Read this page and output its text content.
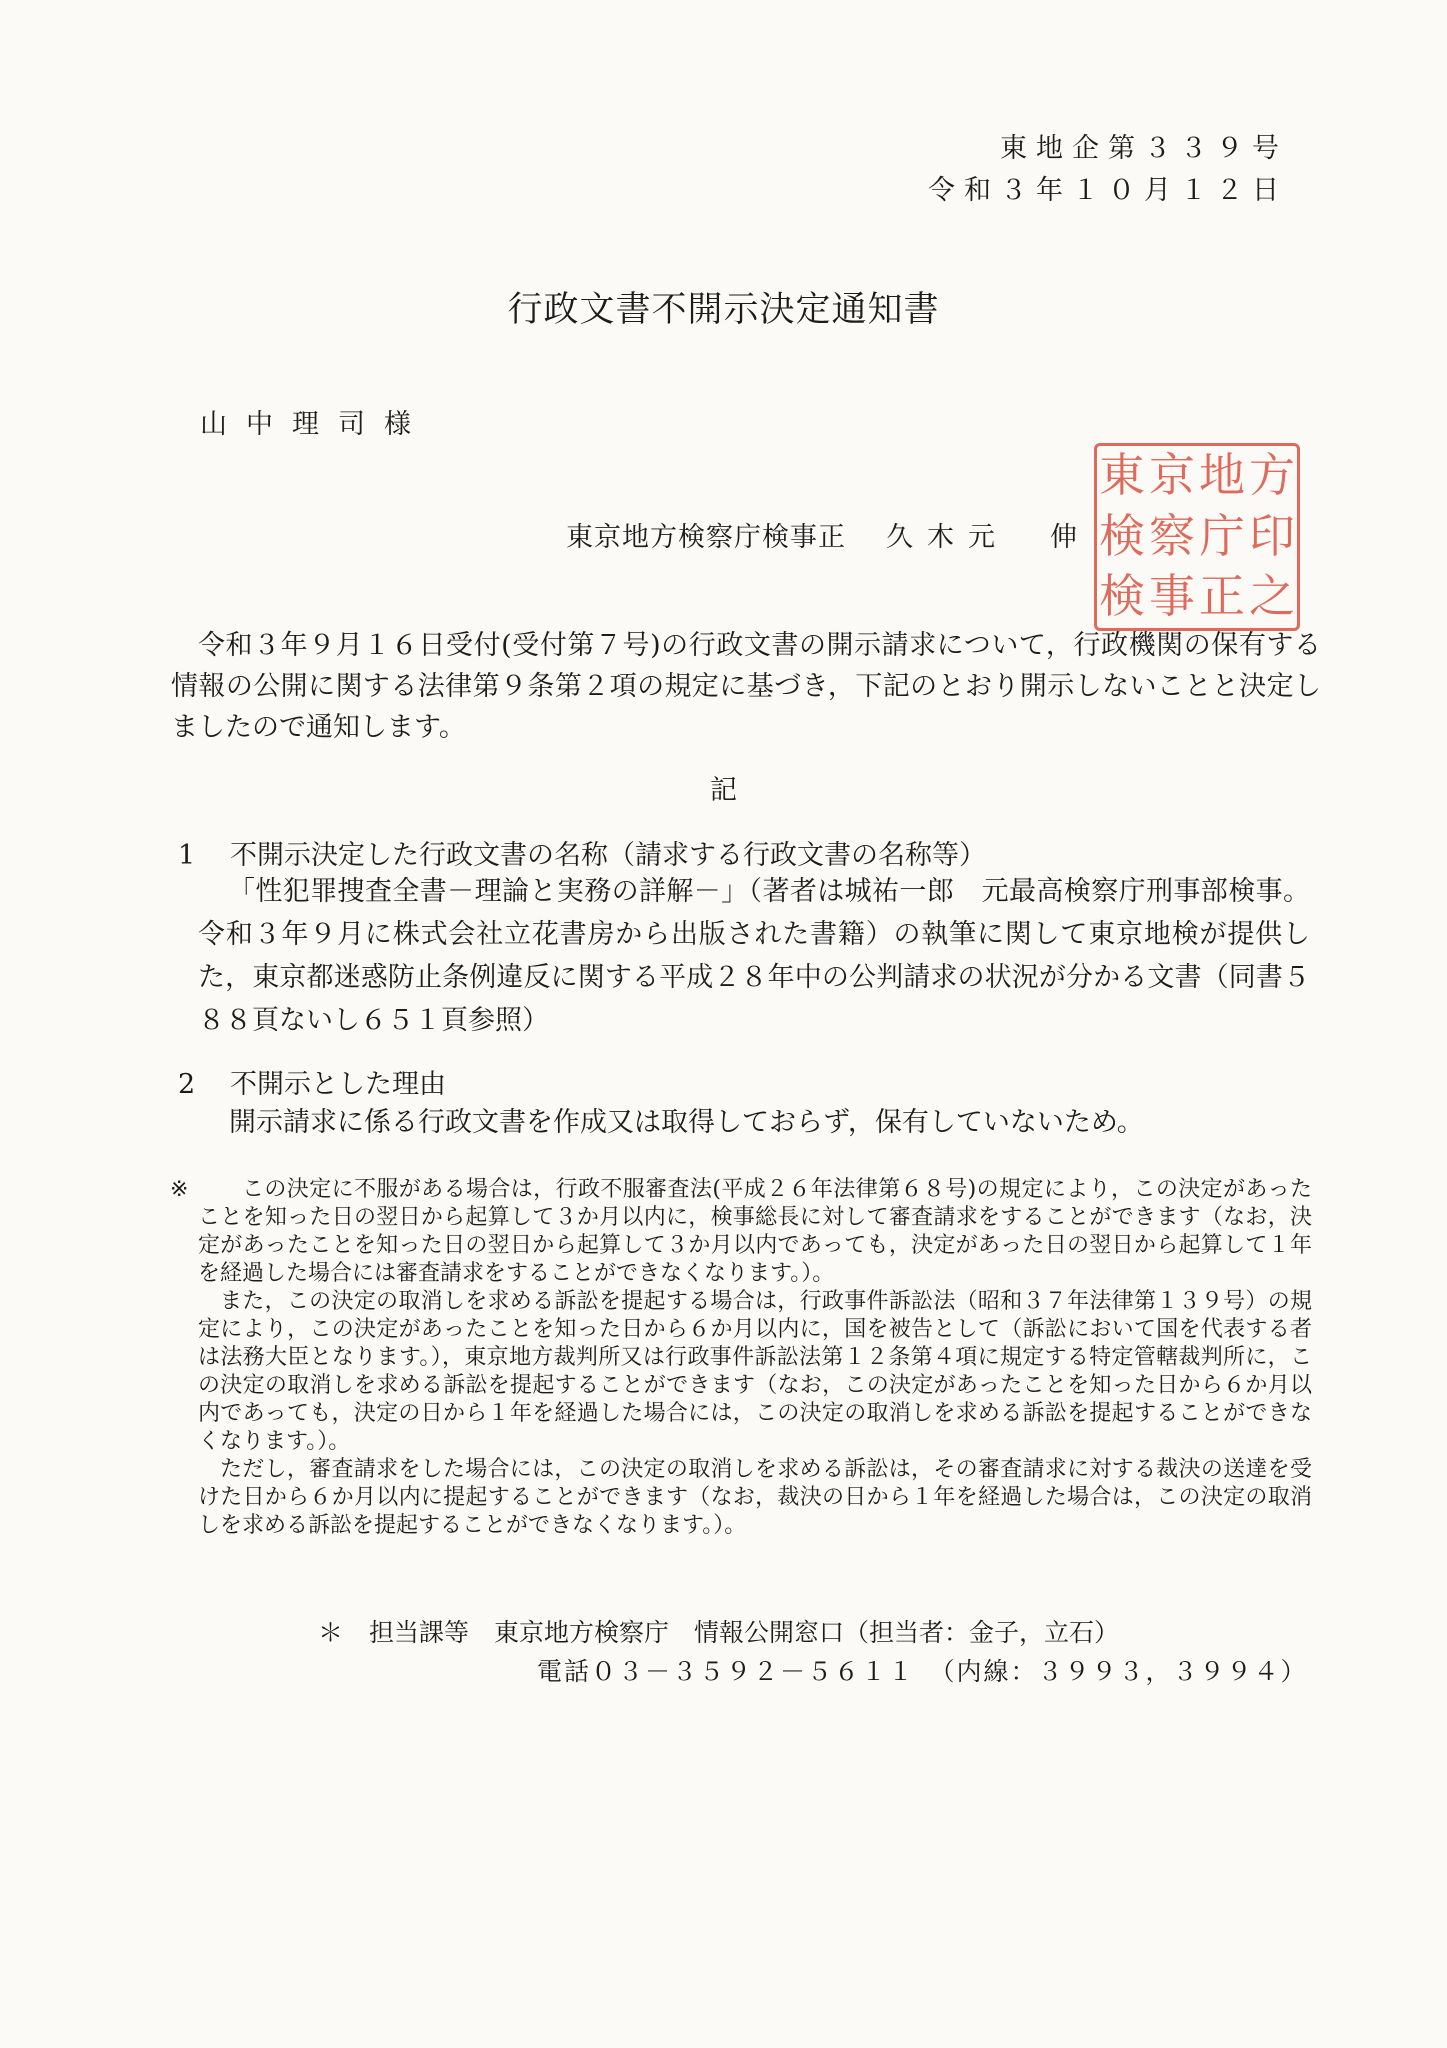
東地企第３３９号
令和３年１０月１２日
行政文書不開示決定通知書
山中理司様
東京地方検察庁検事正 久木元　伸
東 京 地 方
検 察 庁 印
検 事 正 之
令和３年９月１６日受付(受付第７号)の行政文書の開示請求について，行政機関の保有する情報の公開に関する法律第９条第２項の規定に基づき，下記のとおり開示しないことと決定しましたので通知します。
記
1 不開示決定した行政文書の名称（請求する行政文書の名称等）
「性犯罪捜査全書－理論と実務の詳解－」（著者は城祐一郎　元最高検察庁刑事部検事。令和３年９月に株式会社立花書房から出版された書籍）の執筆に関して東京地検が提供した，東京都迷惑防止条例違反に関する平成２８年中の公判請求の状況が分かる文書（同書５８８頁ないし６５１頁参照）
2 不開示とした理由
開示請求に係る行政文書を作成又は取得しておらず，保有していないため。
※	この決定に不服がある場合は，行政不服審査法(平成２６年法律第６８号)の規定により，この決定があったことを知った日の翌日から起算して３か月以内に，検事総長に対して審査請求をすることができます（なお，決定があったことを知った日の翌日から起算して３か月以内であっても，決定があった日の翌日から起算して１年を経過した場合には審査請求をすることができなくなります。）。

また，この決定の取消しを求める訴訟を提起する場合は，行政事件訴訟法（昭和３７年法律第１３９号）の規定により，この決定があったことを知った日から６か月以内に，国を被告として（訴訟において国を代表する者は法務大臣となります。），東京地方裁判所又は行政事件訴訟法第１２条第４項に規定する特定管轄裁判所に，この決定の取消しを求める訴訟を提起することができます（なお，この決定があったことを知った日から６か月以内であっても，決定の日から１年を経過した場合には，この決定の取消しを求める訴訟を提起することができなくなります。）。

ただし，審査請求をした場合には，この決定の取消しを求める訴訟は，その審査請求に対する裁決の送達を受けた日から６か月以内に提起することができます（なお，裁決の日から１年を経過した場合は，この決定の取消しを求める訴訟を提起することができなくなります。）。

＊ 担当課等　東京地方検察庁　情報公開窓口（担当者：金子，立石）
電話０３－３５９２－５６１１　（内線：３９９３，３９９４）
